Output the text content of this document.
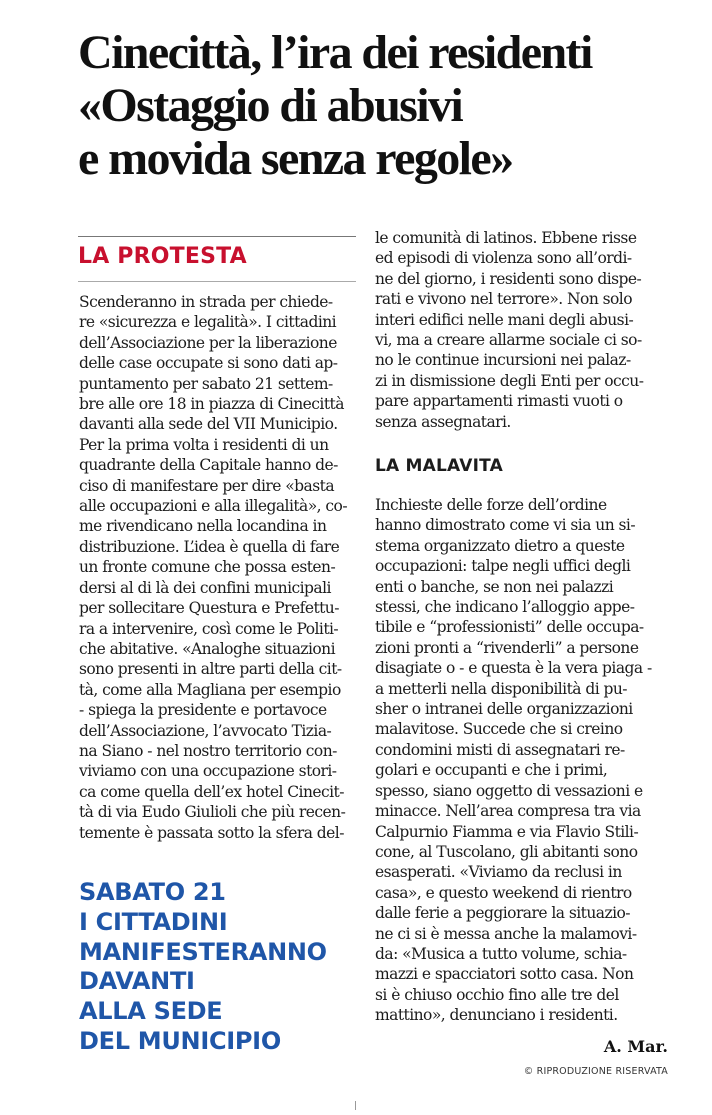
Cinecittà, l’ira dei residenti
«Ostaggio di abusivi
e movida senza regole»
LA PROTESTA
Scenderanno in strada per chiede-
re «sicurezza e legalità». I cittadini
dell’Associazione per la liberazione
delle case occupate si sono dati ap-
puntamento per sabato 21 settem-
bre alle ore 18 in piazza di Cinecittà
davanti alla sede del VII Municipio.
Per la prima volta i residenti di un
quadrante della Capitale hanno de-
ciso di manifestare per dire «basta
alle occupazioni e alla illegalità», co-
me rivendicano nella locandina in
distribuzione. L’idea è quella di fare
un fronte comune che possa esten-
dersi al di là dei confini municipali
per sollecitare Questura e Prefettu-
ra a intervenire, così come le Politi-
che abitative. «Analoghe situazioni
sono presenti in altre parti della cit-
tà, come alla Magliana per esempio
- spiega la presidente e portavoce
dell’Associazione, l’avvocato Tizia-
na Siano - nel nostro territorio con-
viviamo con una occupazione stori-
ca come quella dell’ex hotel Cinecit-
tà di via Eudo Giulioli che più recen-
temente è passata sotto la sfera del-
SABATO 21
I CITTADINI
MANIFESTERANNO
DAVANTI
ALLA SEDE
DEL MUNICIPIO
le comunità di latinos. Ebbene risse
ed episodi di violenza sono all’ordi-
ne del giorno, i residenti sono dispe-
rati e vivono nel terrore». Non solo
interi edifici nelle mani degli abusi-
vi, ma a creare allarme sociale ci so-
no le continue incursioni nei palaz-
zi in dismissione degli Enti per occu-
pare appartamenti rimasti vuoti o
senza assegnatari.
LA MALAVITA
Inchieste delle forze dell’ordine
hanno dimostrato come vi sia un si-
stema organizzato dietro a queste
occupazioni: talpe negli uffici degli
enti o banche, se non nei palazzi
stessi, che indicano l’alloggio appe-
tibile e “professionisti” delle occupa-
zioni pronti a “rivenderli” a persone
disagiate o - e questa è la vera piaga -
a metterli nella disponibilità di pu-
sher o intranei delle organizzazioni
malavitose. Succede che si creino
condomini misti di assegnatari re-
golari e occupanti e che i primi,
spesso, siano oggetto di vessazioni e
minacce. Nell’area compresa tra via
Calpurnio Fiamma e via Flavio Stili-
cone, al Tuscolano, gli abitanti sono
esasperati. «Viviamo da reclusi in
casa», e questo weekend di rientro
dalle ferie a peggiorare la situazio-
ne ci si è messa anche la malamovi-
da: «Musica a tutto volume, schia-
mazzi e spacciatori sotto casa. Non
si è chiuso occhio fino alle tre del
mattino», denunciano i residenti.
A. Mar.
© RIPRODUZIONE RISERVATA
